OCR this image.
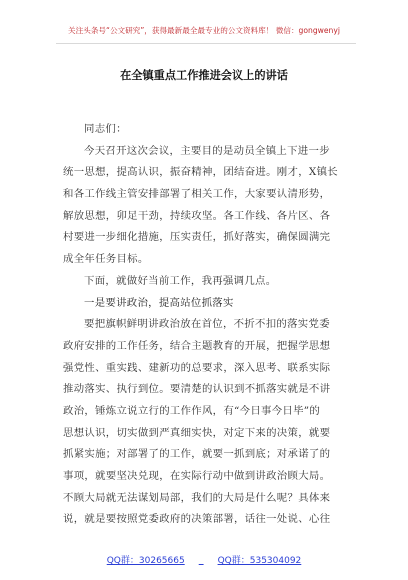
关注头条号“公文研究”，获得最新最全最专业的公文资料库！ 微信：gongwenyj
在全镇重点工作推进会议上的讲话
同志们：
今天召开这次会议，主要目的是动员全镇上下进一步
统一思想，提高认识，振奋精神，团结奋进。刚才，X镇长
和各工作线主管安排部署了相关工作，大家要认清形势，
解放思想，卯足干劲，持续攻坚。各工作线、各片区、各
村要进一步细化措施，压实责任，抓好落实，确保圆满完
成全年任务目标。
下面，就做好当前工作，我再强调几点。
一是要讲政治，提高站位抓落实
要把旗帜鲜明讲政治放在首位，不折不扣的落实党委
政府安排的工作任务，结合主题教育的开展，把握学思想
强党性、重实践、建新功的总要求，深入思考、联系实际
推动落实、执行到位。要清楚的认识到不抓落实就是不讲
政治，锤炼立说立行的工作作风，有“今日事今日毕”的
思想认识，切实做到严真细实快，对定下来的决策，就要
抓紧实施；对部署了的工作，就要一抓到底；对承诺了的
事项，就要坚决兑现，在实际行动中做到讲政治顾大局。
不顾大局就无法谋划局部，我们的大局是什么呢？具体来
说，就是要按照党委政府的决策部署，话往一处说、心往
QQ群：30265665	QQ群：535304092
